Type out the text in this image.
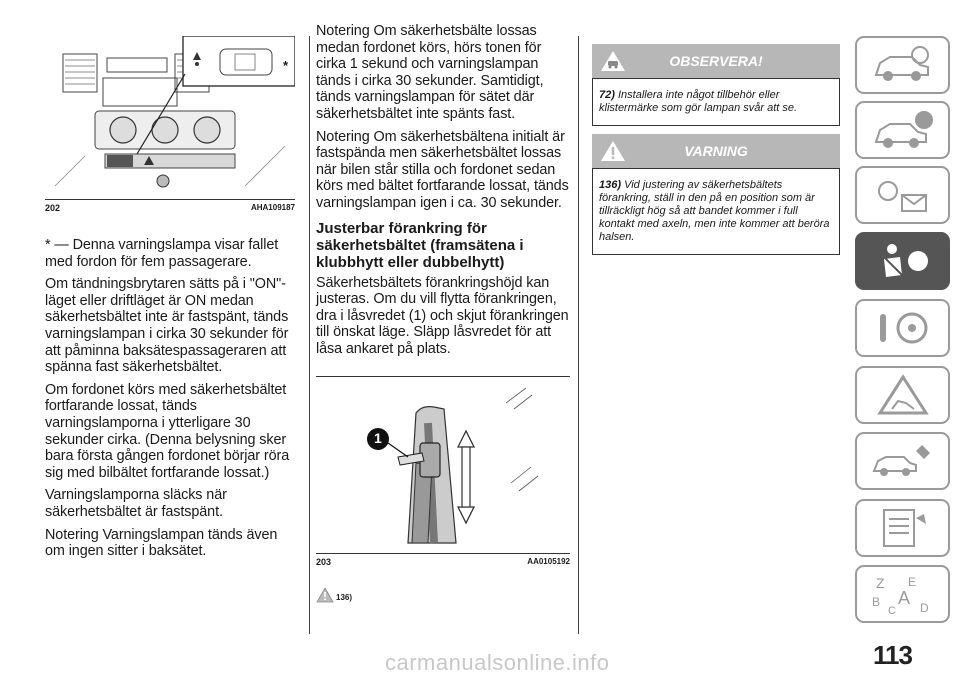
*
202	AHA109187

* — Denna varningslampa visar fallet med fordon för fem passagerare.

Om tändningsbrytaren sätts på i "ON"-läget eller driftläget är ON medan säkerhetsbältet inte är fastspänt, tänds varningslampan i cirka 30 sekunder för att påminna baksätespassageraren att spänna fast säkerhetsbältet.

Om fordonet körs med säkerhetsbältet fortfarande lossat, tänds varningslamporna i ytterligare 30 sekunder cirka. (Denna belysning sker bara första gången fordonet börjar röra sig med bilbältet fortfarande lossat.)

Varningslamporna släcks när säkerhetsbältet är fastspänt.

Notering Varningslampan tänds även om ingen sitter i baksätet.

Notering Om säkerhetsbälte lossas medan fordonet körs, hörs tonen för cirka 1 sekund och varningslampan tänds i cirka 30 sekunder. Samtidigt, tänds varningslampan för sätet där säkerhetsbältet inte spänts fast.

Notering Om säkerhetsbältena initialt är fastspända men säkerhetsbältet lossas när bilen står stilla och fordonet sedan körs med bältet fortfarande lossat, tänds varningslampan igen i ca. 30 sekunder.

Justerbar förankring för säkerhetsbältet (framsätena i klubbhytt eller dubbelhytt)

Säkerhetsbältets förankringshöjd kan justeras. Om du vill flytta förankringen, dra i låsvredet (1) och skjut förankringen till önskat läge. Släpp låsvredet för att låsa ankaret på plats.

1
203	AA0105192
136)
OBSERVERA!
72) Installera inte något tillbehör eller klistermärke som gör lampan svår att se.
VARNING
136) Vid justering av säkerhetsbältets förankring, ställ in den på en position som är tillräckligt hög så att bandet kommer i full kontakt med axeln, men inte kommer att beröra halsen.
Z E
B A
C D
113
carmanualsonline.info
